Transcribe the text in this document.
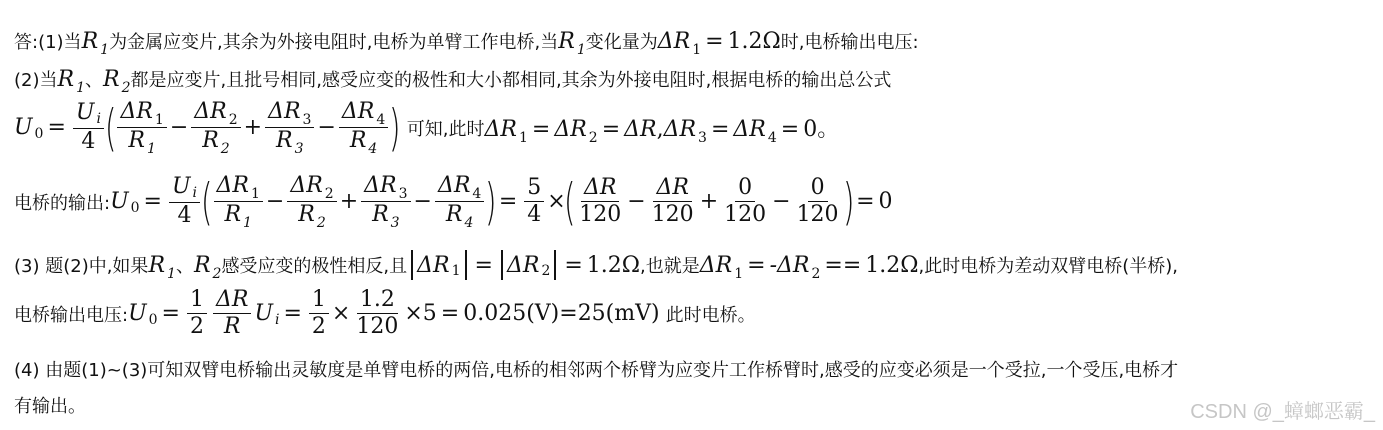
答:(1)当 R $_1$ 为金属应变片,其余为外接电阻时,电桥为单臂工作电桥,当 R $_1$ 变化量为 ΔR $_1$ = 1.2Ω 时,电桥输出电压:
(2)当 R $_1$ 、 R $_2$ 都是应变片,且批号相同,感受应变的极性和大小都相同,其余为外接电阻时,根据电桥的输出总公式
U $0 = \frac{\text{U i}}{4}$ ( ΔR $_1$
R $_1$
− $\frac{\Delta R _2}{R _2} + \frac{\Delta R _3}{R _3} - \frac{\Delta R _4}{R _4}$ ) 可知,此时 ΔR $_1$ = ΔR $_2$ = ΔR,ΔR $_3$ = ΔR $_4$ = 0。
电桥的输出: U $0 = \frac{\text{U i}}{4}$ ( ΔR $_1$
R $_1$
− $\frac{\Delta R _2}{R _2} + \frac{\Delta R _3}{R _3} - \frac{\Delta R _4}{R _4}$ ) = $\frac{5}{4}$ ×
( ΔR
120
− $\frac{\Delta R}{120} + \frac{0}{120} - \frac{0}{120}$ ) = 0
(3) 题(2)中,如果 R $_1$ 、 R $_2$ 感受应变的极性相反,且 ΔR 1 = ΔR 2 = 1.2Ω ,也就是 ΔR $_1$ = -ΔR $_2$ == 1.2Ω ,此时电桥为差动双臂电桥(半桥),
电桥输出电压: U $0 = \frac{1}{2}$ ΔR
R
U $i = \frac{1}{2} \times \frac{1.2}{120} \times 5 = 0.025(V)=25(mV)$ 此时电桥。
(4) 由题(1)~(3)可知双臂电桥输出灵敏度是单臂电桥的两倍,电桥的相邻两个桥臂为应变片工作桥臂时,感受的应变必须是一个受拉,一个受压,电桥才
有输出。	CSDN @_蟑螂恶霸_
